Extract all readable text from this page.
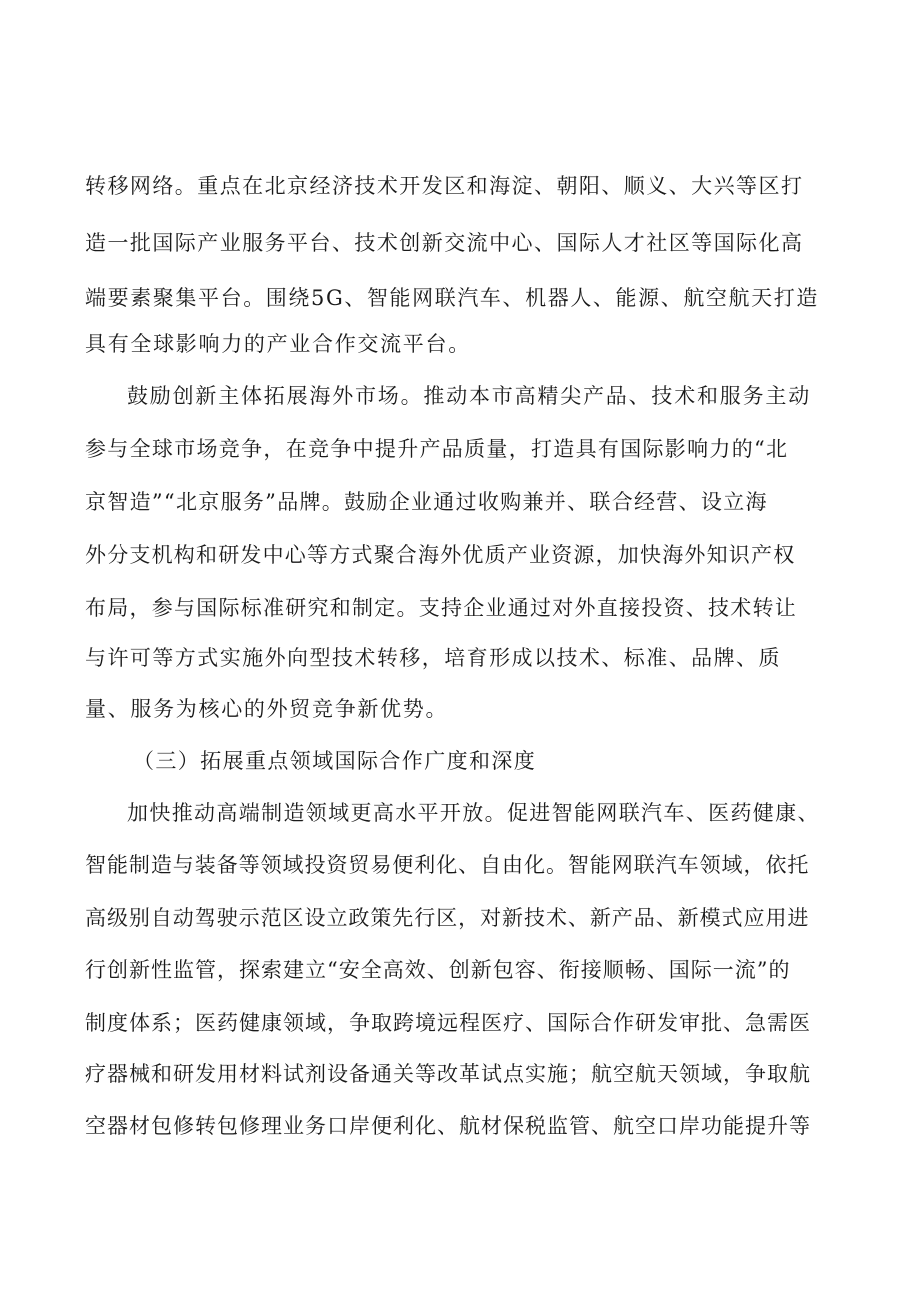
转移网络。重点在北京经济技术开发区和海淀、朝阳、顺义、大兴等区打
造一批国际产业服务平台、技术创新交流中心、国际人才社区等国际化高
端要素聚集平台。围绕5G、智能网联汽车、机器人、能源、航空航天打造
具有全球影响力的产业合作交流平台。
鼓励创新主体拓展海外市场。推动本市高精尖产品、技术和服务主动
参与全球市场竞争，在竞争中提升产品质量，打造具有国际影响力的“北
京智造”“北京服务”品牌。鼓励企业通过收购兼并、联合经营、设立海
外分支机构和研发中心等方式聚合海外优质产业资源，加快海外知识产权
布局，参与国际标准研究和制定。支持企业通过对外直接投资、技术转让
与许可等方式实施外向型技术转移，培育形成以技术、标准、品牌、质
量、服务为核心的外贸竞争新优势。
（三）拓展重点领域国际合作广度和深度
加快推动高端制造领域更高水平开放。促进智能网联汽车、医药健康、
智能制造与装备等领域投资贸易便利化、自由化。智能网联汽车领域，依托
高级别自动驾驶示范区设立政策先行区，对新技术、新产品、新模式应用进
行创新性监管，探索建立“安全高效、创新包容、衔接顺畅、国际一流”的
制度体系；医药健康领域，争取跨境远程医疗、国际合作研发审批、急需医
疗器械和研发用材料试剂设备通关等改革试点实施；航空航天领域，争取航
空器材包修转包修理业务口岸便利化、航材保税监管、航空口岸功能提升等
